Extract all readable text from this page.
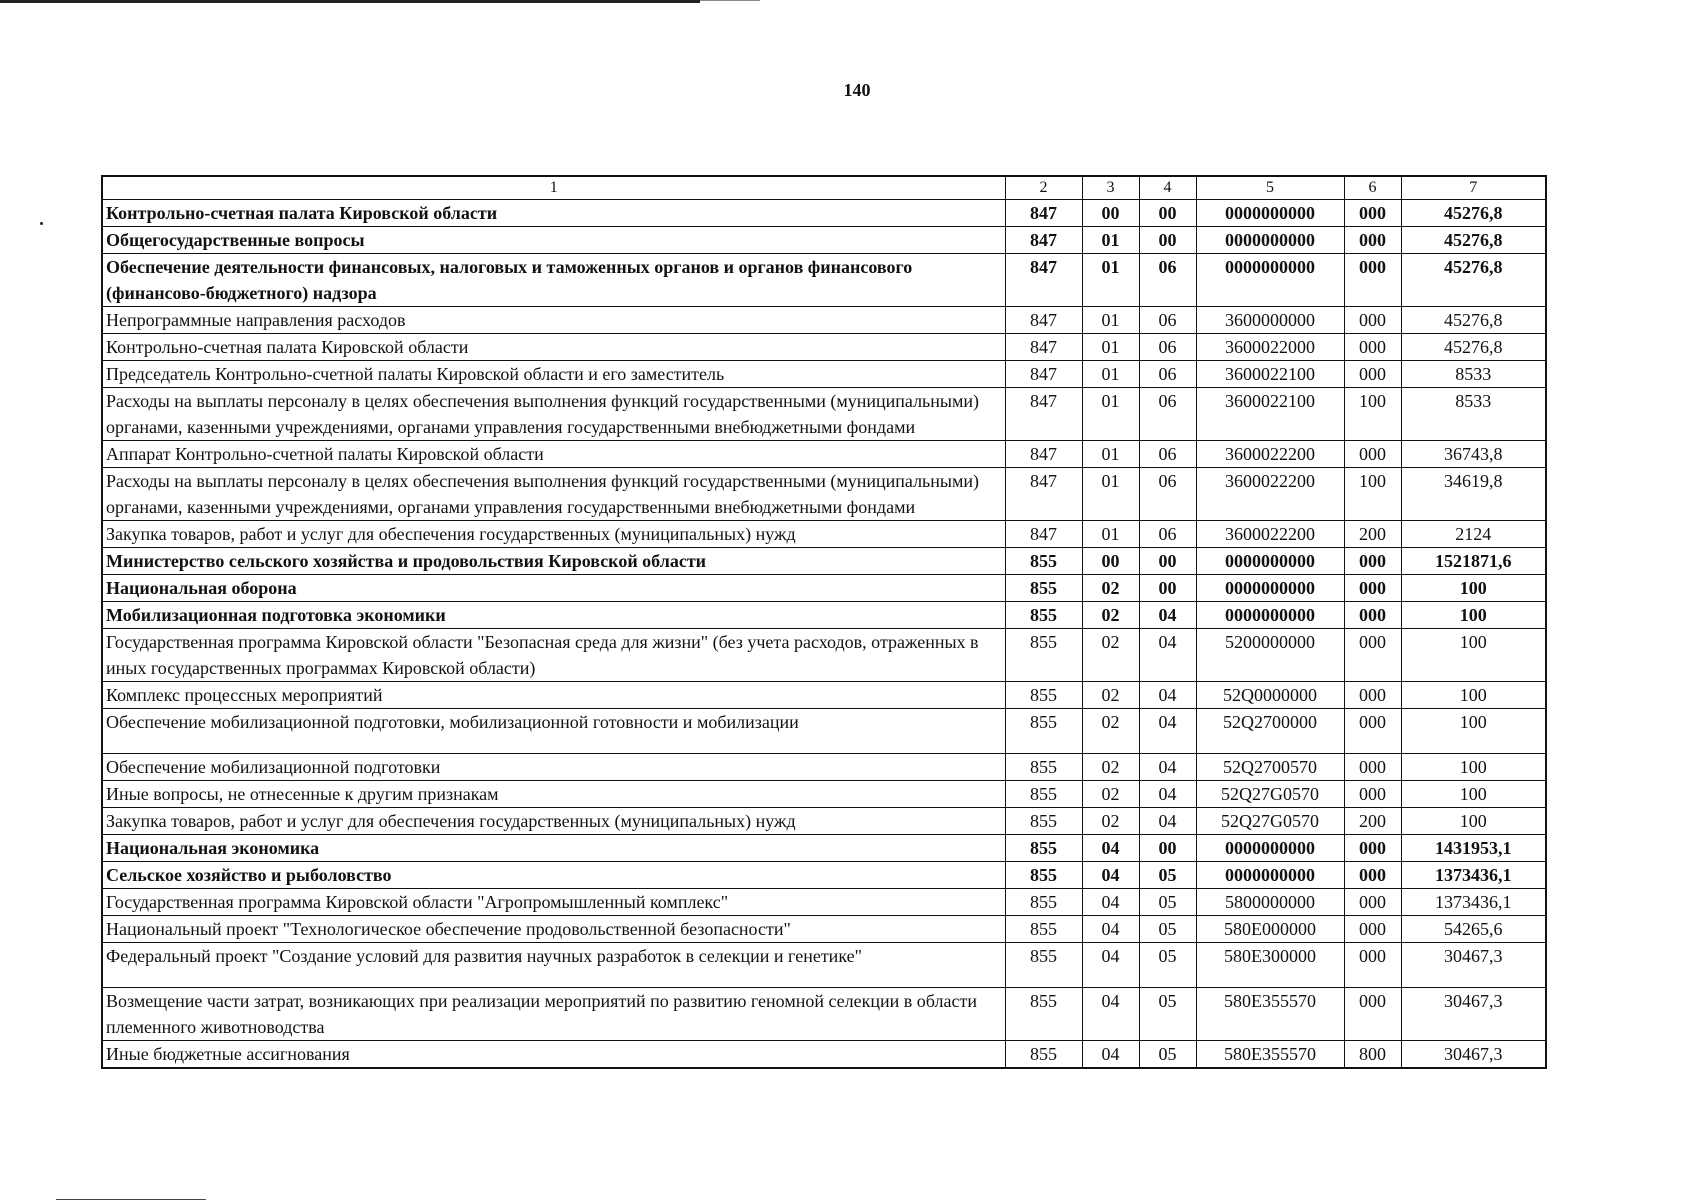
140
1	2	3	4	5	6	7
Контрольно-счетная палата Кировской области	847	00	00	0000000000	000	45276,8
Общегосударственные вопросы	847	01	00	0000000000	000	45276,8
Обеспечение деятельности финансовых, налоговых и таможенных органов и органов финансового (финансово-бюджетного) надзора	847	01	06	0000000000	000	45276,8
Непрограммные направления расходов	847	01	06	3600000000	000	45276,8
Контрольно-счетная палата Кировской области	847	01	06	3600022000	000	45276,8
Председатель Контрольно-счетной палаты Кировской области и его заместитель	847	01	06	3600022100	000	8533
Расходы на выплаты персоналу в целях обеспечения выполнения функций государственными (муниципальными) органами, казенными учреждениями, органами управления государственными внебюджетными фондами	847	01	06	3600022100	100	8533
Аппарат Контрольно-счетной палаты Кировской области	847	01	06	3600022200	000	36743,8
Расходы на выплаты персоналу в целях обеспечения выполнения функций государственными (муниципальными) органами, казенными учреждениями, органами управления государственными внебюджетными фондами	847	01	06	3600022200	100	34619,8
Закупка товаров, работ и услуг для обеспечения государственных (муниципальных) нужд	847	01	06	3600022200	200	2124
Министерство сельского хозяйства и продовольствия Кировской области	855	00	00	0000000000	000	1521871,6
Национальная оборона	855	02	00	0000000000	000	100
Мобилизационная подготовка экономики	855	02	04	0000000000	000	100
Государственная программа Кировской области "Безопасная среда для жизни" (без учета расходов, отраженных в иных государственных программах Кировской области)	855	02	04	5200000000	000	100
Комплекс процессных мероприятий	855	02	04	52Q0000000	000	100
Обеспечение мобилизационной подготовки, мобилизационной готовности и мобилизации	855	02	04	52Q2700000	000	100
Обеспечение мобилизационной подготовки	855	02	04	52Q2700570	000	100
Иные вопросы, не отнесенные к другим признакам	855	02	04	52Q27G0570	000	100
Закупка товаров, работ и услуг для обеспечения государственных (муниципальных) нужд	855	02	04	52Q27G0570	200	100
Национальная экономика	855	04	00	0000000000	000	1431953,1
Сельское хозяйство и рыболовство	855	04	05	0000000000	000	1373436,1
Государственная программа Кировской области "Агропромышленный комплекс"	855	04	05	5800000000	000	1373436,1
Национальный проект "Технологическое обеспечение продовольственной безопасности"	855	04	05	580E000000	000	54265,6
Федеральный проект "Создание условий для развития научных разработок в селекции и генетике"	855	04	05	580E300000	000	30467,3
Возмещение части затрат, возникающих при реализации мероприятий по развитию геномной селекции в области племенного животноводства	855	04	05	580E355570	000	30467,3
Иные бюджетные ассигнования	855	04	05	580E355570	800	30467,3
